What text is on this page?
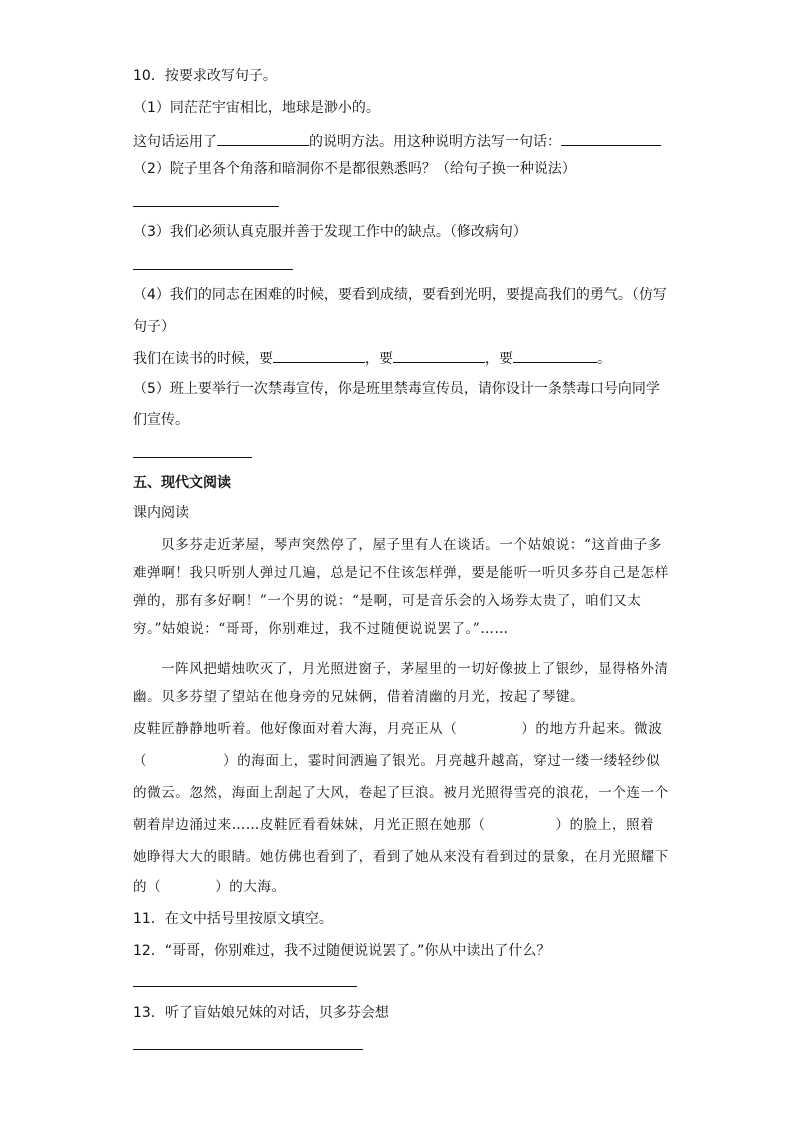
10．按要求改写句子。
（1）同茫茫宇宙相比，地球是渺小的。
这句话运用了	的说明方法。用这种说明方法写一句话：
（2）院子里各个角落和暗洞你不是都很熟悉吗？（给句子换一种说法）
（3）我们必须认真克服并善于发现工作中的缺点。（修改病句）
（4）我们的同志在困难的时候，要看到成绩，要看到光明，要提高我们的勇气。（仿写
句子）
我们在读书的时候，要	，要	，要	。
（5）班上要举行一次禁毒宣传，你是班里禁毒宣传员，请你设计一条禁毒口号向同学
们宣传。
五、现代文阅读
课内阅读
贝多芬走近茅屋，琴声突然停了，屋子里有人在谈话。一个姑娘说：“这首曲子多
难弹啊！我只听别人弹过几遍，总是记不住该怎样弹，要是能听一听贝多芬自己是怎样
弹的，那有多好啊！”一个男的说：“是啊，可是音乐会的入场券太贵了，咱们又太
穷。”姑娘说：“哥哥，你别难过，我不过随便说说罢了。”……
一阵风把蜡烛吹灭了，月光照进窗子，茅屋里的一切好像披上了银纱，显得格外清
幽。贝多芬望了望站在他身旁的兄妹俩，借着清幽的月光，按起了琴键。
皮鞋匠静静地听着。他好像面对着大海，月亮正从（	）的地方升起来。微波
（	）的海面上，霎时间洒遍了银光。月亮越升越高，穿过一缕一缕轻纱似
的微云。忽然，海面上刮起了大风，卷起了巨浪。被月光照得雪亮的浪花，一个连一个
朝着岸边涌过来……皮鞋匠看看妹妹，月光正照在她那（	）的脸上，照着
她睁得大大的眼睛。她仿佛也看到了，看到了她从来没有看到过的景象，在月光照耀下
的（	）的大海。
11．在文中括号里按原文填空。
12．“哥哥，你别难过，我不过随便说说罢了。”你从中读出了什么？
13．听了盲姑娘兄妹的对话，贝多芬会想
